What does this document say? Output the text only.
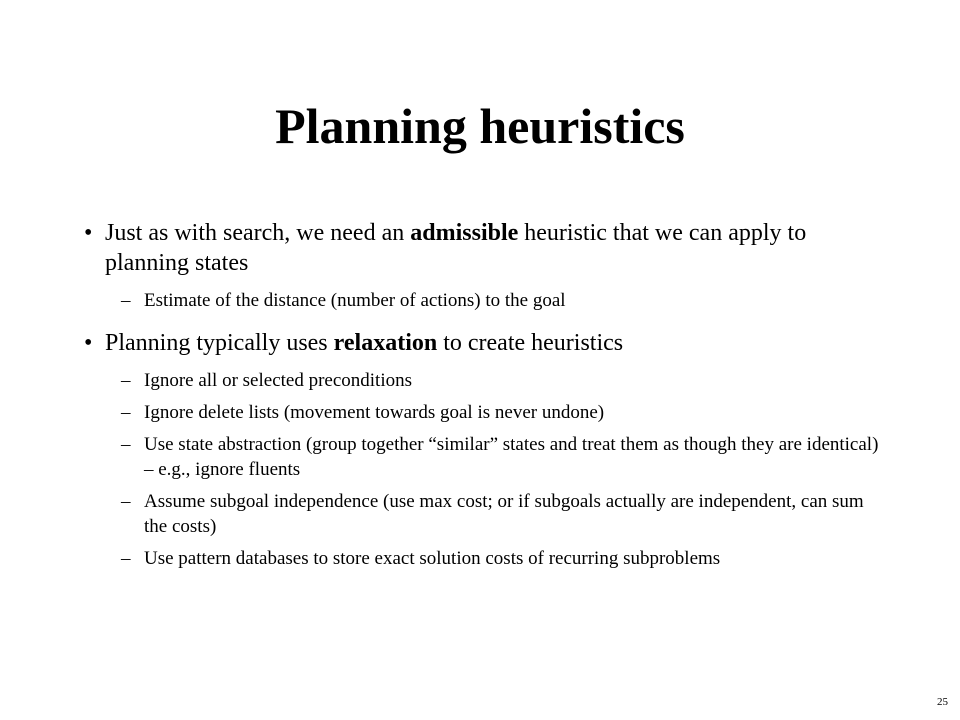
Planning heuristics
• Just as with search, we need an admissible heuristic that we can apply to planning states
– Estimate of the distance (number of actions) to the goal
• Planning typically uses relaxation to create heuristics
– Ignore all or selected preconditions
– Ignore delete lists (movement towards goal is never undone)
– Use state abstraction (group together “similar” states and treat them as though they are identical) – e.g., ignore fluents
– Assume subgoal independence (use max cost; or if subgoals actually are independent, can sum the costs)
– Use pattern databases to store exact solution costs of recurring subproblems
25
